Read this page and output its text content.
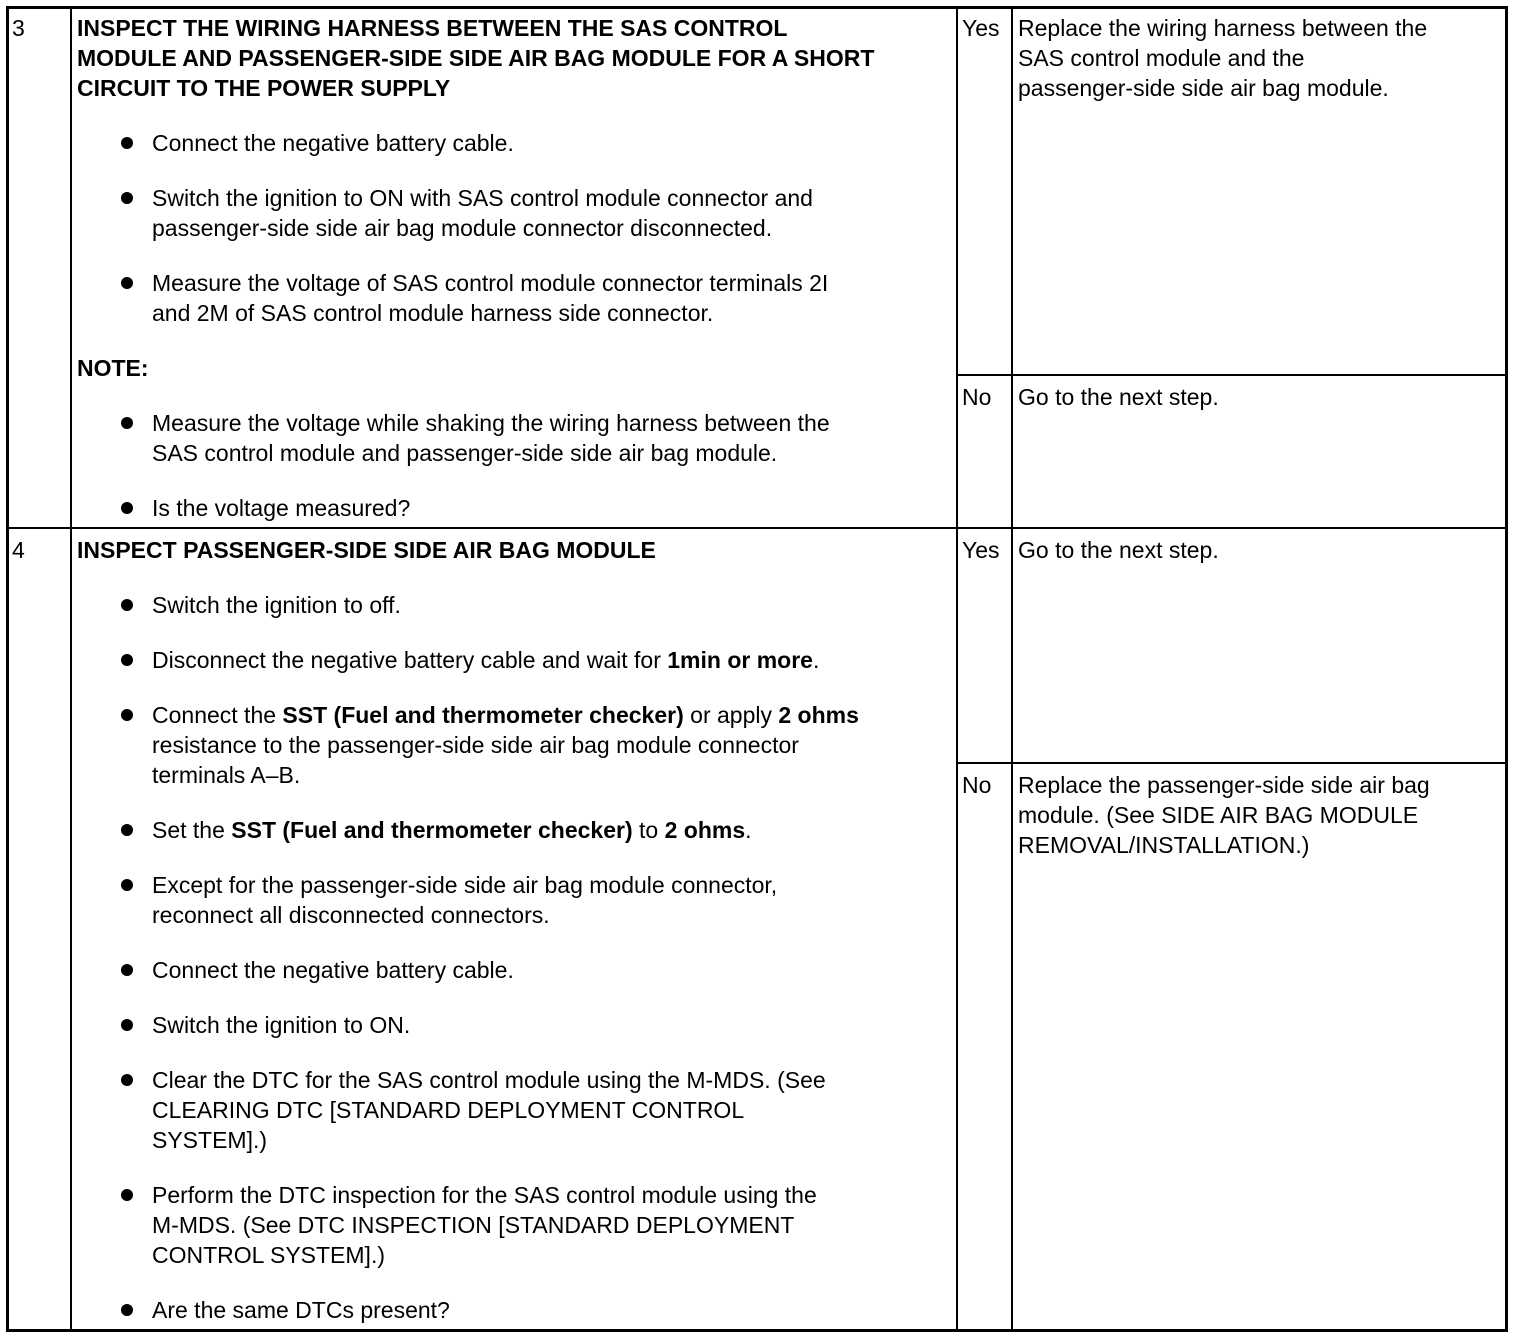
3 INSPECT THE WIRING HARNESS BETWEEN THE SAS CONTROL
MODULE AND PASSENGER-SIDE SIDE AIR BAG MODULE FOR A SHORT
CIRCUIT TO THE POWER SUPPLY
Connect the negative battery cable.
Switch the ignition to ON with SAS control module connector and
passenger-side side air bag module connector disconnected.
Measure the voltage of SAS control module connector terminals 2I
and 2M of SAS control module harness side connector.
NOTE:
Measure the voltage while shaking the wiring harness between the
SAS control module and passenger-side side air bag module.
Is the voltage measured?
Yes Replace the wiring harness between the
SAS control module and the
passenger-side side air bag module.
No Go to the next step.
4 INSPECT PASSENGER-SIDE SIDE AIR BAG MODULE
Switch the ignition to off.
Disconnect the negative battery cable and wait for 1min or more.
Connect the SST (Fuel and thermometer checker) or apply 2 ohms
resistance to the passenger-side side air bag module connector
terminals A–B.
Set the SST (Fuel and thermometer checker) to 2 ohms.
Except for the passenger-side side air bag module connector,
reconnect all disconnected connectors.
Connect the negative battery cable.
Switch the ignition to ON.
Clear the DTC for the SAS control module using the M-MDS. (See
CLEARING DTC [STANDARD DEPLOYMENT CONTROL
SYSTEM].)
Perform the DTC inspection for the SAS control module using the
M-MDS. (See DTC INSPECTION [STANDARD DEPLOYMENT
CONTROL SYSTEM].)
Are the same DTCs present?
Yes Go to the next step.
No Replace the passenger-side side air bag
module. (See SIDE AIR BAG MODULE
REMOVAL/INSTALLATION.)
